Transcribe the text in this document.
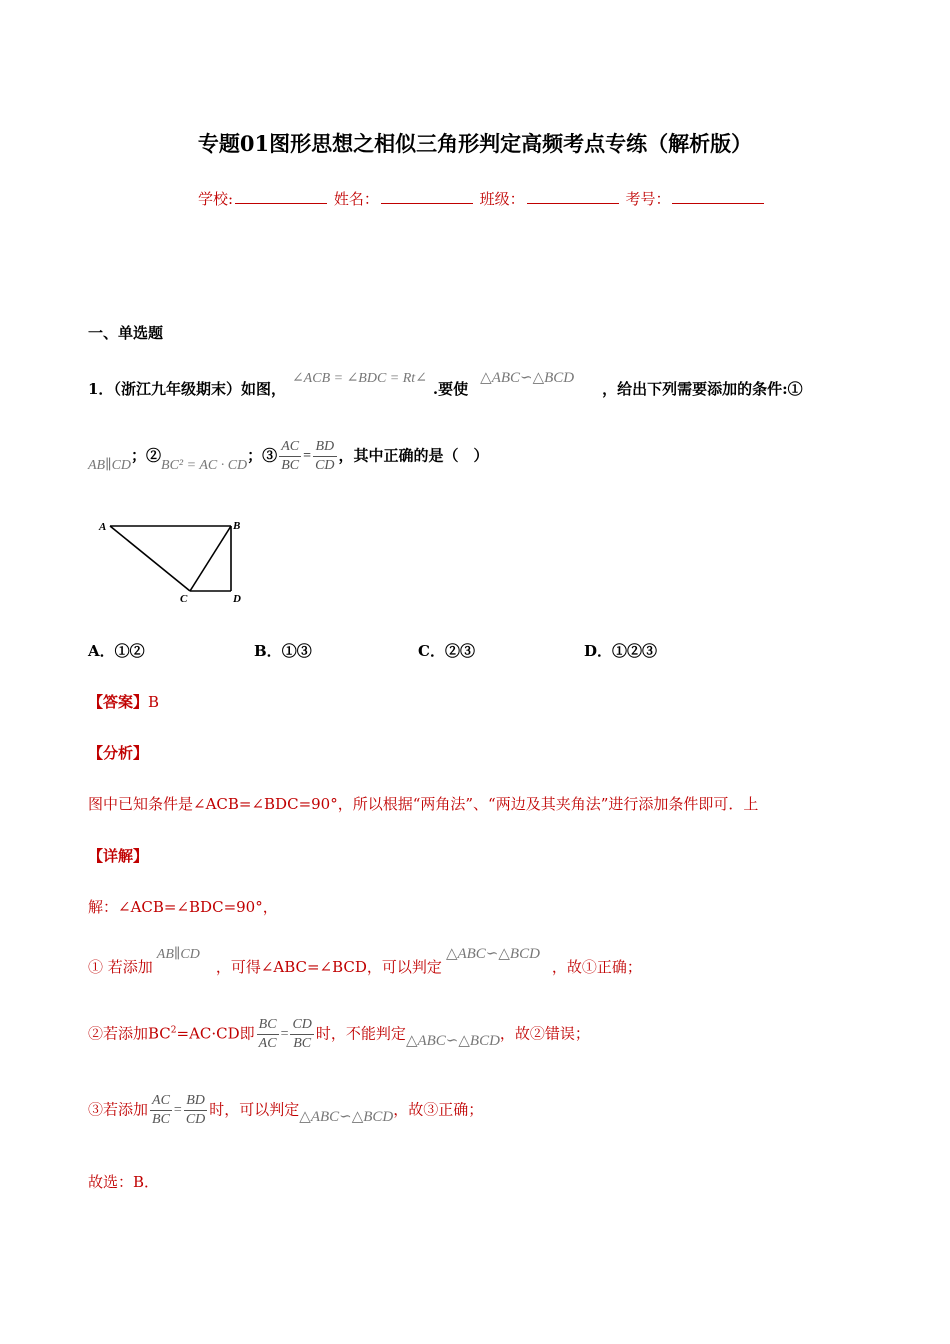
专题01图形思想之相似三角形判定高频考点专练（解析版）
学校:	姓名：	班级：	考号：
一、单选题
1．（浙江九年级期末）如图，∠ACB = ∠BDC = Rt∠.要使△ABC∽△BCD，给出下列需要添加的条件:①
AB∥CD；②BC² = AC · CD；③ $\frac{AC}{BC} = \frac{BD}{CD}$ ，其中正确的是（　）
A	B
C	D
A．①②	B．①③	C．②③	D．①②③
【答案】B
【分析】
图中已知条件是∠ACB=∠BDC=90°，所以根据“两角法”、“两边及其夹角法”进行添加条件即可．上
【详解】
解：∠ACB=∠BDC=90°，
① 若添加AB∥CD，可得∠ABC=∠BCD，可以判定△ABC∽△BCD，故①正确；
②若添加$BC^2=AC\cdot CD$即 $\frac{BC}{AC} = \frac{CD}{BC}$ 时，不能判定△ABC∽△BCD，故②错误；
③若添加 $\frac{AC}{BC} = \frac{BD}{CD}$ 时，可以判定△ABC∽△BCD，故③正确；
故选：B．
